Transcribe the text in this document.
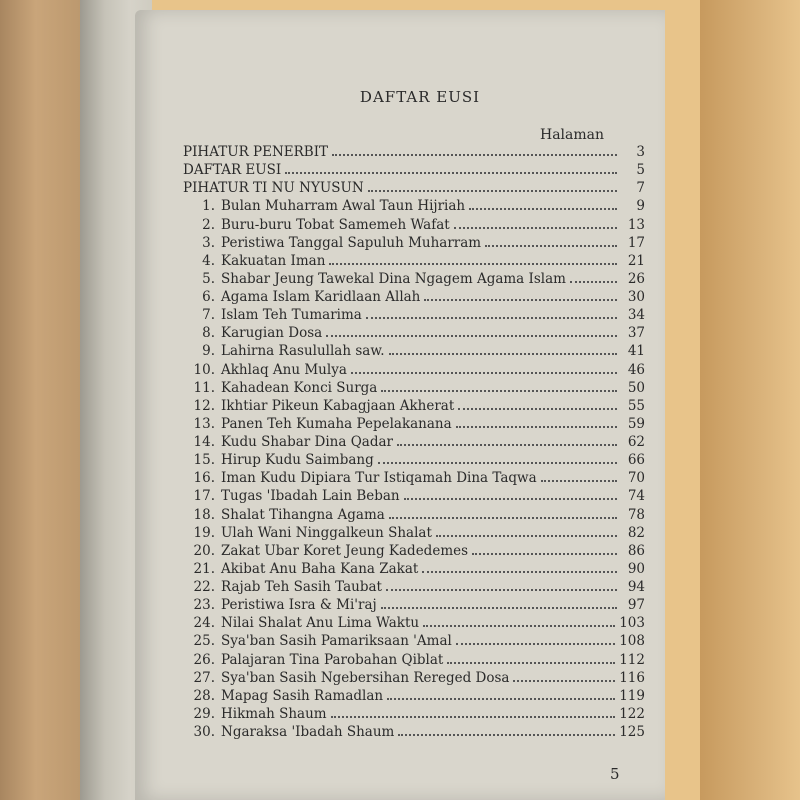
DAFTAR EUSI
Halaman
PIHATUR PENERBIT	3
DAFTAR EUSI	5
PIHATUR TI NU NYUSUN	7
1. Bulan Muharram Awal Taun Hijriah	9
2. Buru-buru Tobat Samemeh Wafat	13
3. Peristiwa Tanggal Sapuluh Muharram	17
4. Kakuatan Iman	21
5. Shabar Jeung Tawekal Dina Ngagem Agama Islam	26
6. Agama Islam Karidlaan Allah	30
7. Islam Teh Tumarima	34
8. Karugian Dosa	37
9. Lahirna Rasulullah saw.	41
10. Akhlaq Anu Mulya	46
11. Kahadean Konci Surga	50
12. Ikhtiar Pikeun Kabagjaan Akherat	55
13. Panen Teh Kumaha Pepelakanana	59
14. Kudu Shabar Dina Qadar	62
15. Hirup Kudu Saimbang	66
16. Iman Kudu Dipiara Tur Istiqamah Dina Taqwa	70
17. Tugas 'Ibadah Lain Beban	74
18. Shalat Tihangna Agama	78
19. Ulah Wani Ninggalkeun Shalat	82
20. Zakat Ubar Koret Jeung Kadedemes	86
21. Akibat Anu Baha Kana Zakat	90
22. Rajab Teh Sasih Taubat	94
23. Peristiwa Isra & Mi'raj	97
24. Nilai Shalat Anu Lima Waktu	103
25. Sya'ban Sasih Pamariksaan 'Amal	108
26. Palajaran Tina Parobahan Qiblat	112
27. Sya'ban Sasih Ngebersihan Rereged Dosa	116
28. Mapag Sasih Ramadlan	119
29. Hikmah Shaum	122
30. Ngaraksa 'Ibadah Shaum	125
5
